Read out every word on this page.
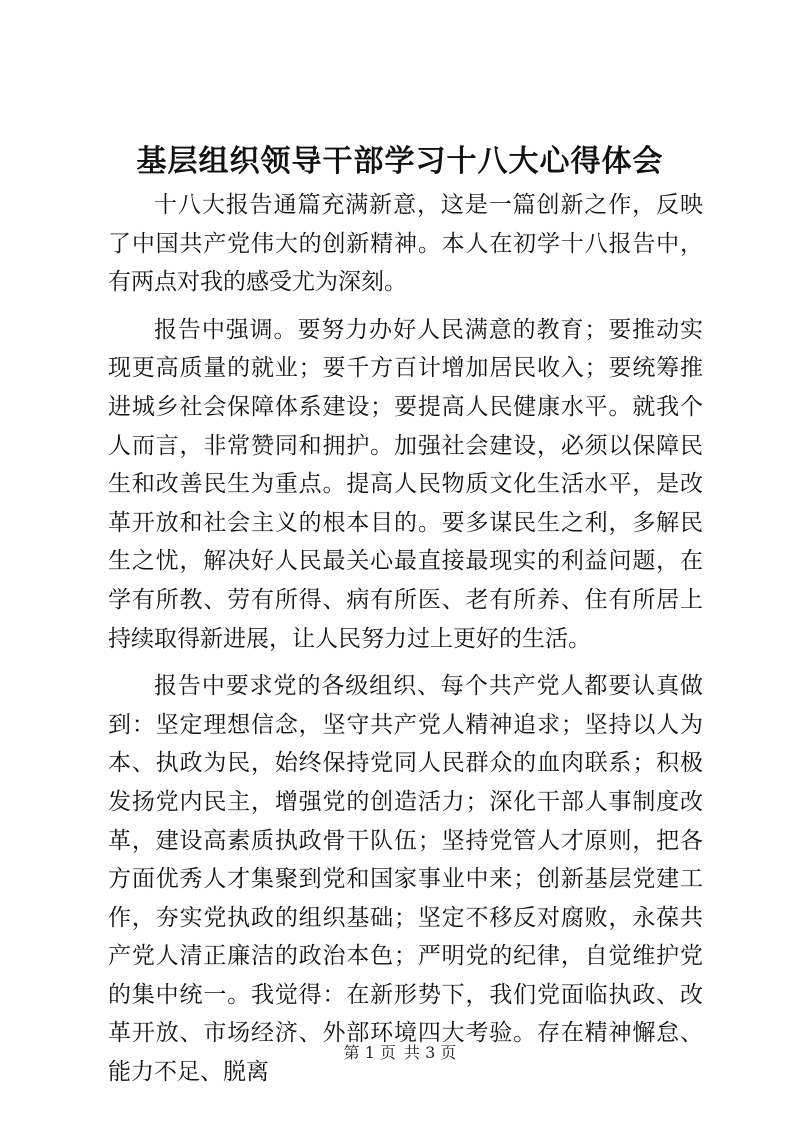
基层组织领导干部学习十八大心得体会

十八大报告通篇充满新意，这是一篇创新之作，反映了中国共产党伟大的创新精神。本人在初学十八报告中，有两点对我的感受尤为深刻。

报告中强调。要努力办好人民满意的教育；要推动实现更高质量的就业；要千方百计增加居民收入；要统筹推进城乡社会保障体系建设；要提高人民健康水平。就我个人而言，非常赞同和拥护。加强社会建设，必须以保障民生和改善民生为重点。提高人民物质文化生活水平，是改革开放和社会主义的根本目的。要多谋民生之利，多解民生之忧，解决好人民最关心最直接最现实的利益问题，在学有所教、劳有所得、病有所医、老有所养、住有所居上持续取得新进展，让人民努力过上更好的生活。

报告中要求党的各级组织、每个共产党人都要认真做到：坚定理想信念，坚守共产党人精神追求；坚持以人为本、执政为民，始终保持党同人民群众的血肉联系；积极发扬党内民主，增强党的创造活力；深化干部人事制度改革，建设高素质执政骨干队伍；坚持党管人才原则，把各方面优秀人才集聚到党和国家事业中来；创新基层党建工作，夯实党执政的组织基础；坚定不移反对腐败，永葆共产党人清正廉洁的政治本色；严明党的纪律，自觉维护党的集中统一。我觉得：在新形势下，我们党面临执政、改革开放、市场经济、外部环境四大考验。存在精神懈怠、能力不足、脱离

第 1 页 共 3 页
